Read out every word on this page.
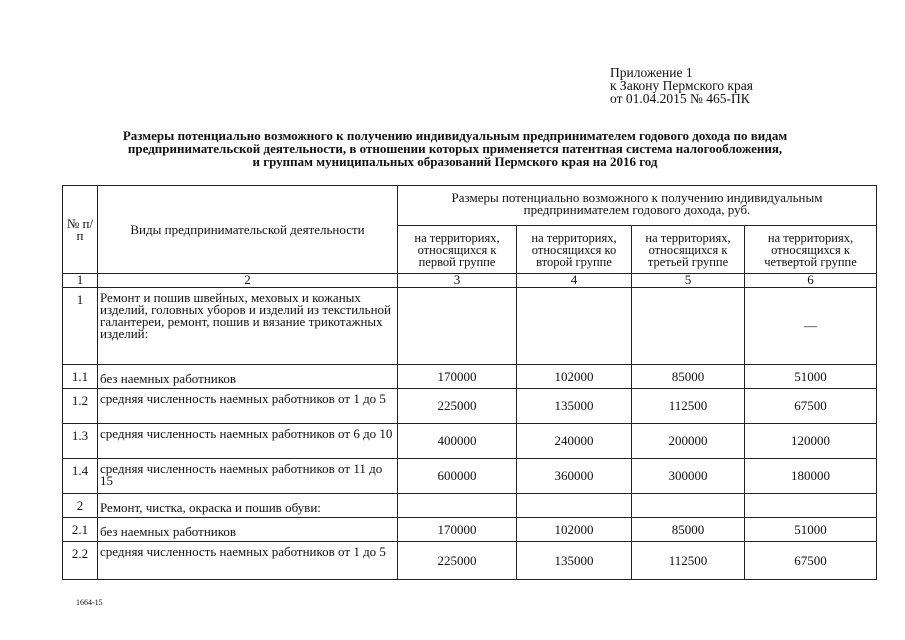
Приложение 1
к Закону Пермского края
от 01.04.2015 № 465-ПК
Размеры потенциально возможного к получению индивидуальным предпринимателем годового дохода по видам
предпринимательской деятельности, в отношении которых применяется патентная система налогообложения,
и группам муниципальных образований Пермского края на 2016 год
№ п/п	Виды предпринимательской деятельности	Размеры потенциально возможного к получению индивидуальным предпринимателем годового дохода, руб.			
		на территориях, относящихся к первой группе	на территориях, относящихся ко второй группе	на территориях, относящихся к третьей группе	на территориях, относящихся к четвертой группе
1	2	3	4	5	6
1	Ремонт и пошив швейных, меховых и кожаных изделий, головных уборов и изделий из текстильной галантереи, ремонт, пошив и вязание трикотажных изделий:				—
1.1	без наемных работников	170000	102000	85000	51000
1.2	средняя численность наемных работников от 1 до 5	225000	135000	112500	67500
1.3	средняя численность наемных работников от 6 до 10	400000	240000	200000	120000
1.4	средняя численность наемных работников от 11 до 15	600000	360000	300000	180000
2	Ремонт, чистка, окраска и пошив обуви:				
2.1	без наемных работников	170000	102000	85000	51000
2.2	средняя численность наемных работников от 1 до 5	225000	135000	112500	67500
1664-15
